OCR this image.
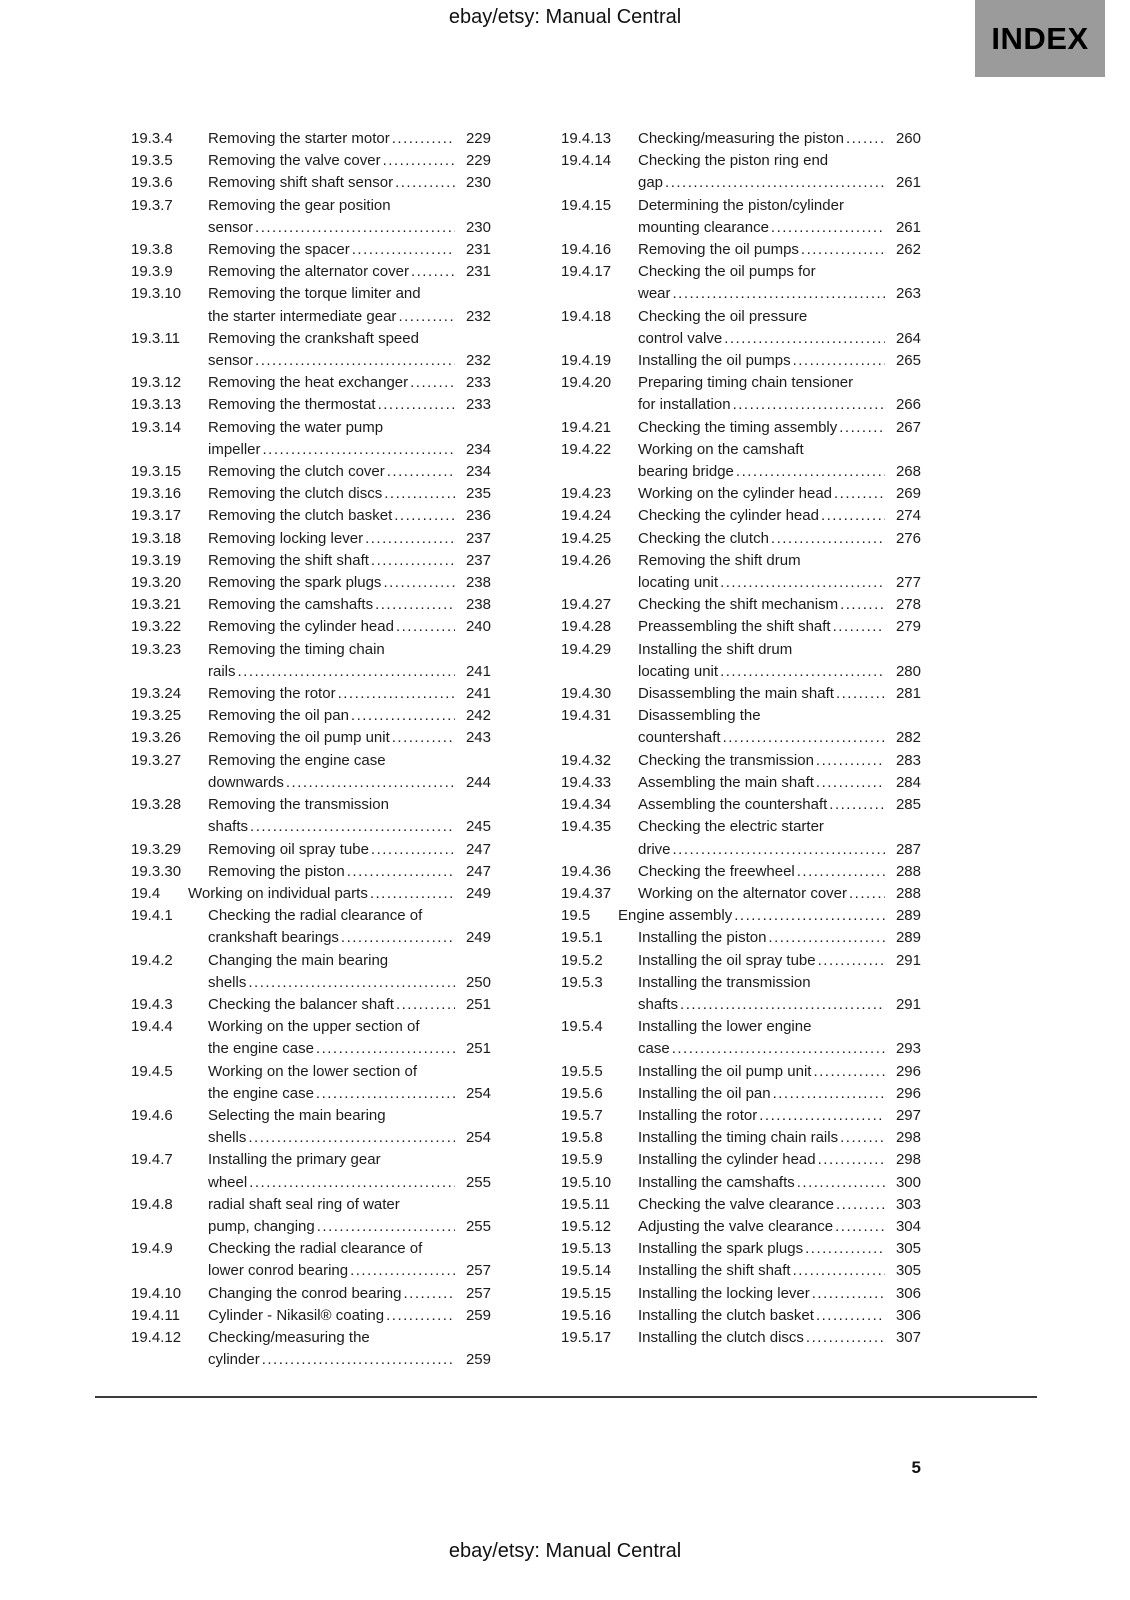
ebay/etsy: Manual Central
INDEX
19.3.4	Removing the starter motor .....	229
19.3.5	Removing the valve cover .....	229
19.3.6	Removing shift shaft sensor .....	230
19.3.7	Removing the gear position
sensor .....	230
19.3.8	Removing the spacer .....	231
19.3.9	Removing the alternator cover .....	231
19.3.10	Removing the torque limiter and
the starter intermediate gear .....	232
19.3.11	Removing the crankshaft speed
sensor .....	232
19.3.12	Removing the heat exchanger .....	233
19.3.13	Removing the thermostat .....	233
19.3.14	Removing the water pump
impeller .....	234
19.3.15	Removing the clutch cover .....	234
19.3.16	Removing the clutch discs .....	235
19.3.17	Removing the clutch basket .....	236
19.3.18	Removing locking lever .....	237
19.3.19	Removing the shift shaft .....	237
19.3.20	Removing the spark plugs .....	238
19.3.21	Removing the camshafts .....	238
19.3.22	Removing the cylinder head .....	240
19.3.23	Removing the timing chain
rails .....	241
19.3.24	Removing the rotor .....	241
19.3.25	Removing the oil pan .....	242
19.3.26	Removing the oil pump unit .....	243
19.3.27	Removing the engine case
downwards .....	244
19.3.28	Removing the transmission
shafts .....	245
19.3.29	Removing oil spray tube .....	247
19.3.30	Removing the piston .....	247
19.4	Working on individual parts .....	249
19.4.1	Checking the radial clearance of
crankshaft bearings .....	249
19.4.2	Changing the main bearing
shells .....	250
19.4.3	Checking the balancer shaft .....	251
19.4.4	Working on the upper section of
the engine case .....	251
19.4.5	Working on the lower section of
the engine case .....	254
19.4.6	Selecting the main bearing
shells .....	254
19.4.7	Installing the primary gear
wheel .....	255
19.4.8	radial shaft seal ring of water
pump, changing .....	255
19.4.9	Checking the radial clearance of
lower conrod bearing .....	257
19.4.10	Changing the conrod bearing .....	257
19.4.11	Cylinder - Nikasil® coating .....	259
19.4.12	Checking/measuring the
cylinder .....	259
19.4.13	Checking/measuring the piston .....	260
19.4.14	Checking the piston ring end
gap .....	261
19.4.15	Determining the piston/cylinder
mounting clearance .....	261
19.4.16	Removing the oil pumps .....	262
19.4.17	Checking the oil pumps for
wear .....	263
19.4.18	Checking the oil pressure
control valve .....	264
19.4.19	Installing the oil pumps .....	265
19.4.20	Preparing timing chain tensioner
for installation .....	266
19.4.21	Checking the timing assembly .....	267
19.4.22	Working on the camshaft
bearing bridge .....	268
19.4.23	Working on the cylinder head .....	269
19.4.24	Checking the cylinder head .....	274
19.4.25	Checking the clutch .....	276
19.4.26	Removing the shift drum
locating unit .....	277
19.4.27	Checking the shift mechanism .....	278
19.4.28	Preassembling the shift shaft .....	279
19.4.29	Installing the shift drum
locating unit .....	280
19.4.30	Disassembling the main shaft .....	281
19.4.31	Disassembling the
countershaft .....	282
19.4.32	Checking the transmission .....	283
19.4.33	Assembling the main shaft .....	284
19.4.34	Assembling the countershaft .....	285
19.4.35	Checking the electric starter
drive .....	287
19.4.36	Checking the freewheel .....	288
19.4.37	Working on the alternator cover .....	288
19.5	Engine assembly .....	289
19.5.1	Installing the piston .....	289
19.5.2	Installing the oil spray tube .....	291
19.5.3	Installing the transmission
shafts .....	291
19.5.4	Installing the lower engine
case .....	293
19.5.5	Installing the oil pump unit .....	296
19.5.6	Installing the oil pan .....	296
19.5.7	Installing the rotor .....	297
19.5.8	Installing the timing chain rails .....	298
19.5.9	Installing the cylinder head .....	298
19.5.10	Installing the camshafts .....	300
19.5.11	Checking the valve clearance .....	303
19.5.12	Adjusting the valve clearance .....	304
19.5.13	Installing the spark plugs .....	305
19.5.14	Installing the shift shaft .....	305
19.5.15	Installing the locking lever .....	306
19.5.16	Installing the clutch basket .....	306
19.5.17	Installing the clutch discs .....	307
5
ebay/etsy: Manual Central
